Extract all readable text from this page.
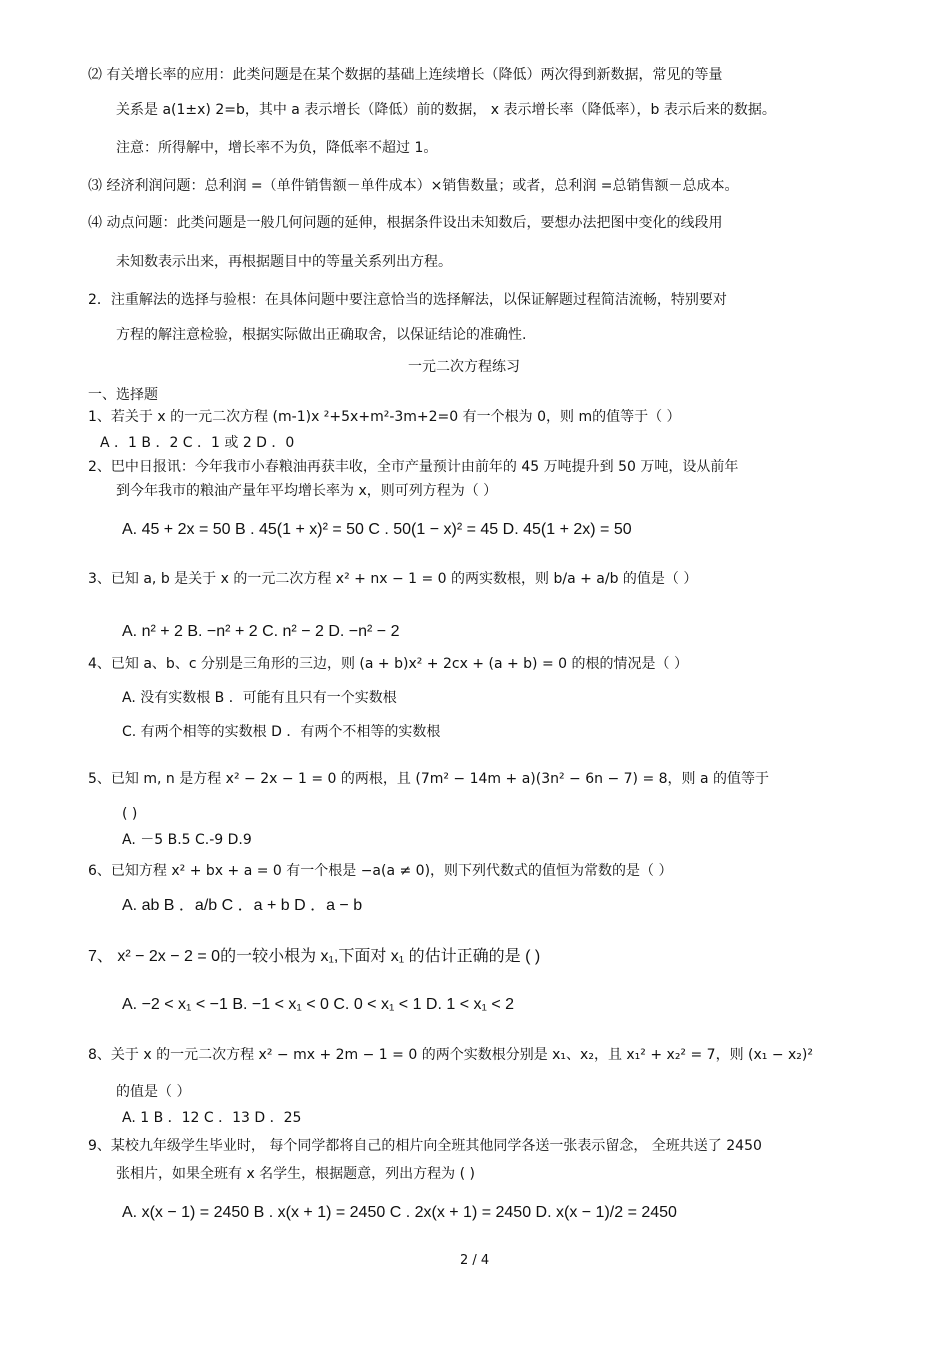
⑵ 有关增长率的应用：此类问题是在某个数据的基础上连续增长（降低）两次得到新数据，常见的等量
关系是 a(1±x) 2=b，其中 a 表示增长（降低）前的数据， x 表示增长率（降低率），b 表示后来的数据。
注意：所得解中，增长率不为负，降低率不超过 1。
⑶ 经济利润问题：总利润 =（单件销售额－单件成本）×销售数量；或者，总利润 =总销售额－总成本。
⑷ 动点问题：此类问题是一般几何问题的延伸，根据条件设出未知数后，要想办法把图中变化的线段用
未知数表示出来，再根据题目中的等量关系列出方程。
2．注重解法的选择与验根：在具体问题中要注意恰当的选择解法，以保证解题过程简洁流畅，特别要对
方程的解注意检验，根据实际做出正确取舍，以保证结论的准确性.
一元二次方程练习
一、选择题
1、若关于 x 的一元二次方程 (m-1)x ²+5x+m²-3m+2=0 有一个根为 0，则 m的值等于（ ）
A ．1 B ．2 C ．1 或 2 D ．0
2、巴中日报讯：今年我市小春粮油再获丰收，全市产量预计由前年的 45 万吨提升到 50 万吨，设从前年
到今年我市的粮油产量年平均增长率为 x，则可列方程为（ ）
A. 45 + 2x = 50 B . 45(1 + x)² = 50 C . 50(1 − x)² = 45 D. 45(1 + 2x) = 50
3、已知 a, b 是关于 x 的一元二次方程 x² + nx − 1 = 0 的两实数根，则 b/a + a/b 的值是（ ）
A. n² + 2 B. −n² + 2 C. n² − 2 D. −n² − 2
4、已知 a、b、c 分别是三角形的三边，则 (a + b)x² + 2cx + (a + b) = 0 的根的情况是（ ）
A. 没有实数根 B ．可能有且只有一个实数根
C. 有两个相等的实数根 D ．有两个不相等的实数根
5、已知 m, n 是方程 x² − 2x − 1 = 0 的两根，且 (7m² − 14m + a)(3n² − 6n − 7) = 8，则 a 的值等于
( )
A. －5 B.5 C.-9 D.9
6、已知方程 x² + bx + a = 0 有一个根是 −a(a ≠ 0)，则下列代数式的值恒为常数的是（ ）
A. ab B ．a/b C ．a + b D ．a − b
7、 x² − 2x − 2 = 0的一较小根为 x₁,下面对 x₁ 的估计正确的是 ( )
A. −2 < x₁ < −1 B. −1 < x₁ < 0 C. 0 < x₁ < 1 D. 1 < x₁ < 2
8、关于 x 的一元二次方程 x² − mx + 2m − 1 = 0 的两个实数根分别是 x₁、x₂，且 x₁² + x₂² = 7，则 (x₁ − x₂)²
的值是（ ）
A. 1 B ．12 C ．13 D ．25
9、某校九年级学生毕业时， 每个同学都将自己的相片向全班其他同学各送一张表示留念， 全班共送了 2450
张相片，如果全班有 x 名学生，根据题意，列出方程为 ( )
A. x(x − 1) = 2450 B . x(x + 1) = 2450 C . 2x(x + 1) = 2450 D. x(x − 1)/2 = 2450
2 / 4
